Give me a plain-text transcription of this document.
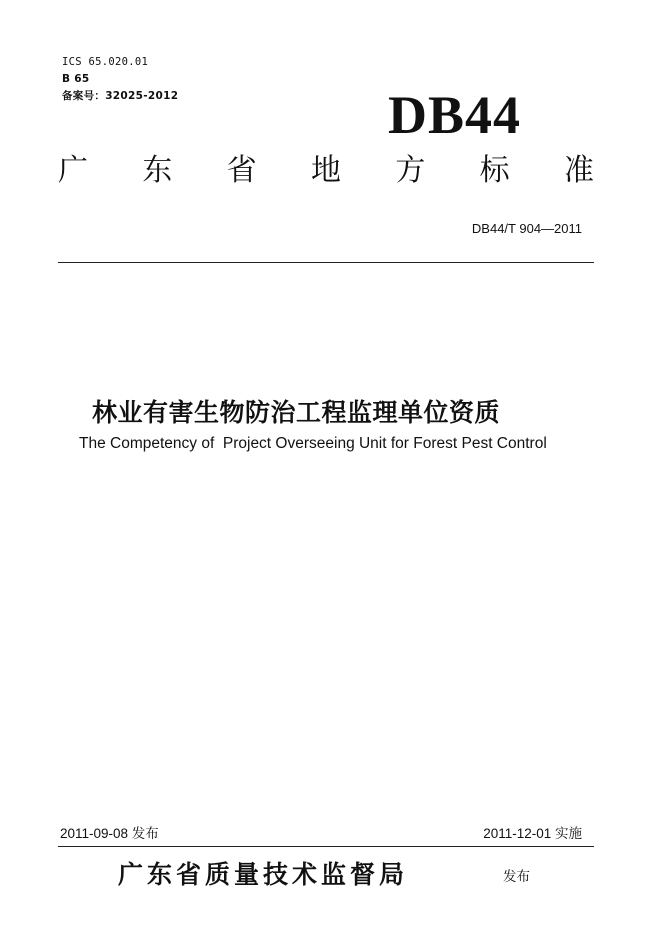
ICS 65.020.01
B 65
备案号：32025-2012	DB44
广 东 省 地 方 标 准
DB44/T 904—2011
林业有害生物防治工程监理单位资质
The Competency of  Project Overseeing Unit for Forest Pest Control
2011-09-08 发布	2011-12-01 实施
广东省质量技术监督局	发布
